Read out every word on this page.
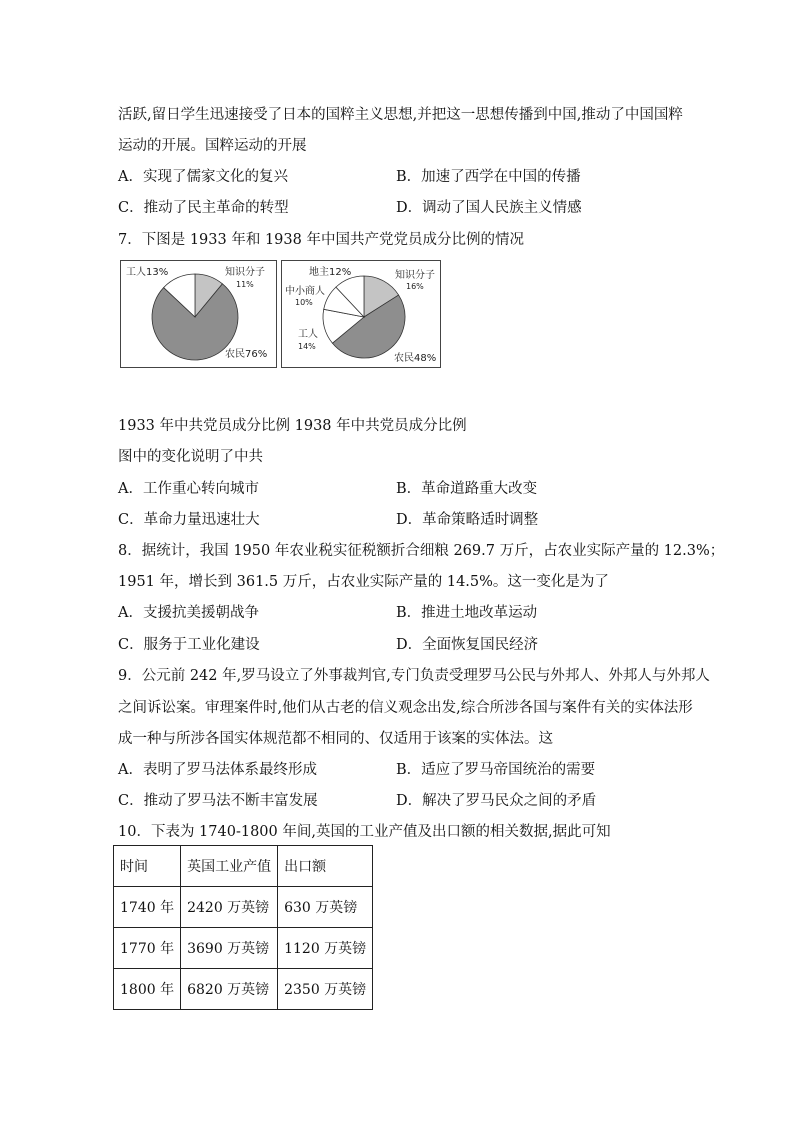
活跃,留日学生迅速接受了日本的国粹主义思想,并把这一思想传播到中国,推动了中国国粹
运动的开展。国粹运动的开展
A．实现了儒家文化的复兴	B．加速了西学在中国的传播
C．推动了民主革命的转型	D．调动了国人民族主义情感
7．下图是 1933 年和 1938 年中国共产党党员成分比例的情况
工人13%	知识分子
11%
农民76%
地主12%	知识分子
16%
中小商人
10%
工人
14%
农民48%
1933 年中共党员成分比例 1938 年中共党员成分比例
图中的变化说明了中共
A．工作重心转向城市	B．革命道路重大改变
C．革命力量迅速壮大	D．革命策略适时调整
8．据统计，我国 1950 年农业税实征税额折合细粮 269.7 万斤，占农业实际产量的 12.3%；
1951 年，增长到 361.5 万斤，占农业实际产量的 14.5%。这一变化是为了
A．支援抗美援朝战争	B．推进土地改革运动
C．服务于工业化建设	D．全面恢复国民经济
9．公元前 242 年,罗马设立了外事裁判官,专门负责受理罗马公民与外邦人、外邦人与外邦人
之间诉讼案。审理案件时,他们从古老的信义观念出发,综合所涉各国与案件有关的实体法形
成一种与所涉各国实体规范都不相同的、仅适用于该案的实体法。这
A．表明了罗马法体系最终形成	B．适应了罗马帝国统治的需要
C．推动了罗马法不断丰富发展	D．解决了罗马民众之间的矛盾
10．下表为 1740-1800 年间,英国的工业产值及出口额的相关数据,据此可知
时间	英国工业产值	出口额
1740 年	2420 万英镑	630 万英镑
1770 年	3690 万英镑	1120 万英镑
1800 年	6820 万英镑	2350 万英镑
